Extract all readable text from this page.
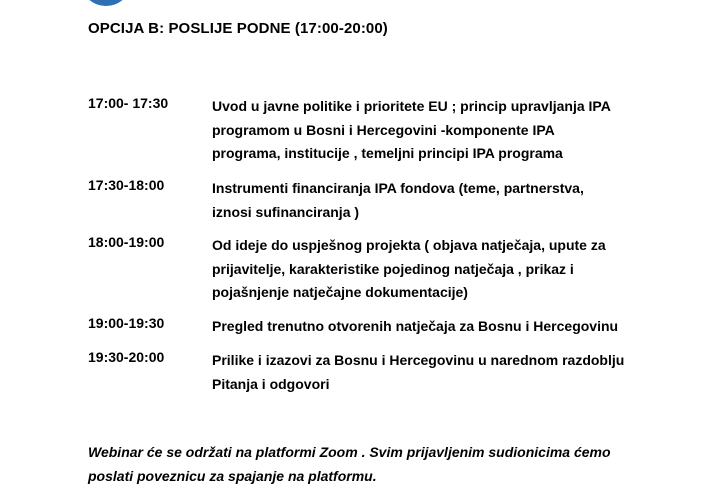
OPCIJA B: POSLIJE PODNE (17:00-20:00)
17:00- 17:30	Uvod u javne politike i prioritete EU ; princip upravljanja IPA
programom u Bosni i Hercegovini -komponente IPA
programa, institucije , temeljni principi IPA programa
17:30-18:00	Instrumenti financiranja IPA fondova (teme, partnerstva,
iznosi sufinanciranja )
18:00-19:00	Od ideje do uspješnog projekta ( objava natječaja, upute za
prijavitelje, karakteristike pojedinog natječaja , prikaz i
pojašnjenje natječajne dokumentacije)
19:00-19:30	Pregled trenutno otvorenih natječaja za Bosnu i Hercegovinu
19:30-20:00	Prilike i izazovi za Bosnu i Hercegovinu u narednom razdoblju
Pitanja i odgovori
Webinar će se održati na platformi Zoom . Svim prijavljenim sudionicima ćemo
poslati poveznicu za spajanje na platformu.
